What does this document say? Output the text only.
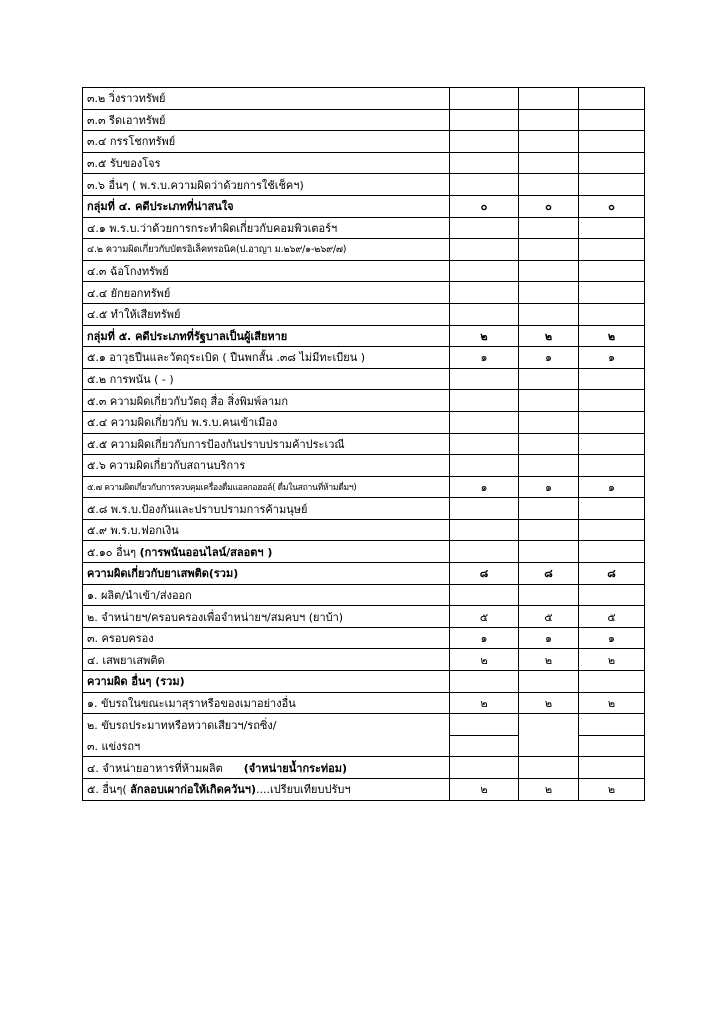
๓.๒ วิ่งราวทรัพย์			
๓.๓ รีดเอาทรัพย์			
๓.๔ กรรโชกทรัพย์			
๓.๕ รับของโจร			
๓.๖ อื่นๆ ( พ.ร.บ.ความผิดว่าด้วยการใช้เช็คฯ)			
กลุ่มที่ ๔. คดีประเภทที่น่าสนใจ	๐	๐	๐
๔.๑ พ.ร.บ.ว่าด้วยการกระทำผิดเกี่ยวกับคอมพิวเตอร์ฯ			
๔.๒ ความผิดเกี่ยวกับบัตรอิเล็คทรอนิค(ป.อาญา ม.๒๖๙/๑-๒๖๙/๗)			
๔.๓ ฉ้อโกงทรัพย์			
๔.๔ ยักยอกทรัพย์			
๔.๕ ทำให้เสียทรัพย์			
กลุ่มที่ ๕. คดีประเภทที่รัฐบาลเป็นผู้เสียหาย	๒	๒	๒
๕.๑ อาวุธปืนและวัตถุระเบิด ( ปืนพกสั้น .๓๘ ไม่มีทะเบียน )	๑	๑	๑
๕.๒ การพนัน ( - )			
๕.๓ ความผิดเกี่ยวกับวัตถุ สื่อ สิ่งพิมพ์ลามก			
๕.๔ ความผิดเกี่ยวกับ พ.ร.บ.คนเข้าเมือง			
๕.๕ ความผิดเกี่ยวกับการป้องกันปราบปรามค้าประเวณี			
๕.๖ ความผิดเกี่ยวกับสถานบริการ			
๕.๗ ความผิดเกี่ยวกับการควบคุมเครื่องดื่มแอลกอฮอล์( ดื่มในสถานที่ห้ามดื่มฯ)	๑	๑	๑
๕.๘ พ.ร.บ.ป้องกันและปราบปรามการค้ามนุษย์			
๕.๙ พ.ร.บ.ฟอกเงิน			
๕.๑๐ อื่นๆ (การพนันออนไลน์/สลอตฯ )			
ความผิดเกี่ยวกับยาเสพติด(รวม)	๘	๘	๘
๑. ผลิต/นำเข้า/ส่งออก			
๒. จำหน่ายฯ/ครอบครองเพื่อจำหน่ายฯ/สมคบฯ (ยาบ้า)	๕	๕	๕
๓. ครอบครอง	๑	๑	๑
๔. เสพยาเสพติด	๒	๒	๒
ความผิด อื่นๆ (รวม)			
๑. ขับรถในขณะเมาสุราหรือของเมาอย่างอื่น	๒	๒	๒
๒. ขับรถประมาทหรือหวาดเสียวฯ/รถซิ่ง/			
๓. แข่งรถฯ			
๔. จำหน่ายอาหารที่ห้ามผลิต (จำหน่ายน้ำกระท่อม)			
๕. อื่นๆ( ลักลอบเผาก่อให้เกิดควันฯ)....เปรียบเทียบปรับฯ	๒	๒	๒
